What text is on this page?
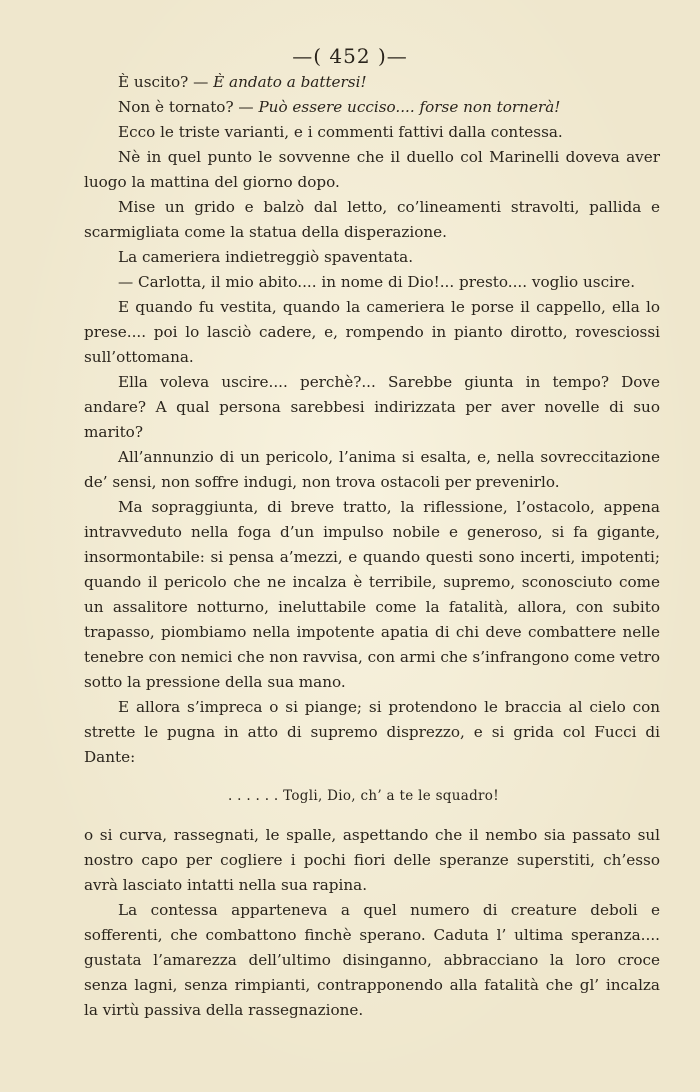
—( 452 )—

È uscito? — È andato a battersi!

Non è tornato? — Può essere ucciso.... forse non tornerà!

Ecco le triste varianti, e i commenti fattivi dalla contessa.

Nè in quel punto le sovvenne che il duello col Marinelli doveva aver luogo la mattina del giorno dopo.

Mise un grido e balzò dal letto, co’lineamenti stravolti, pallida e scarmigliata come la statua della disperazione.

La cameriera indietreggiò spaventata.

— Carlotta, il mio abito.... in nome di Dio!... presto.... voglio uscire.

E quando fu vestita, quando la cameriera le porse il cappello, ella lo prese.... poi lo lasciò cadere, e, rompendo in pianto dirotto, rovesciossi sull’ottomana.

Ella voleva uscire.... perchè?... Sarebbe giunta in tempo? Dove andare? A qual persona sarebbesi indirizzata per aver novelle di suo marito?

All’annunzio di un pericolo, l’anima si esalta, e, nella sovreccitazione de’ sensi, non soffre indugi, non trova ostacoli per prevenirlo.

Ma sopraggiunta, di breve tratto, la riflessione, l’ostacolo, appena intravveduto nella foga d’un impulso nobile e generoso, si fa gigante, insormontabile: si pensa a’mezzi, e quando questi sono incerti, impotenti; quando il pericolo che ne incalza è terribile, supremo, sconosciuto come un assalitore notturno, ineluttabile come la fatalità, allora, con subito trapasso, piombiamo nella impotente apatia di chi deve combattere nelle tenebre con nemici che non ravvisa, con armi che s’infrangono come vetro sotto la pressione della sua mano.

E allora s’impreca o si piange; si protendono le braccia al cielo con strette le pugna in atto di supremo disprezzo, e si grida col Fucci di Dante:

. . . . . . Togli, Dio, ch’ a te le squadro!

o si curva, rassegnati, le spalle, aspettando che il nembo sia passato sul nostro capo per cogliere i pochi fiori delle speranze superstiti, ch’esso avrà lasciato intatti nella sua rapina.

La contessa apparteneva a quel numero di creature deboli e sofferenti, che combattono finchè sperano. Caduta l’ ultima speranza.... gustata l’amarezza dell’ultimo disinganno, abbracciano la loro croce senza lagni, senza rimpianti, contrapponendo alla fatalità che gl’ incalza la virtù passiva della rassegnazione.
